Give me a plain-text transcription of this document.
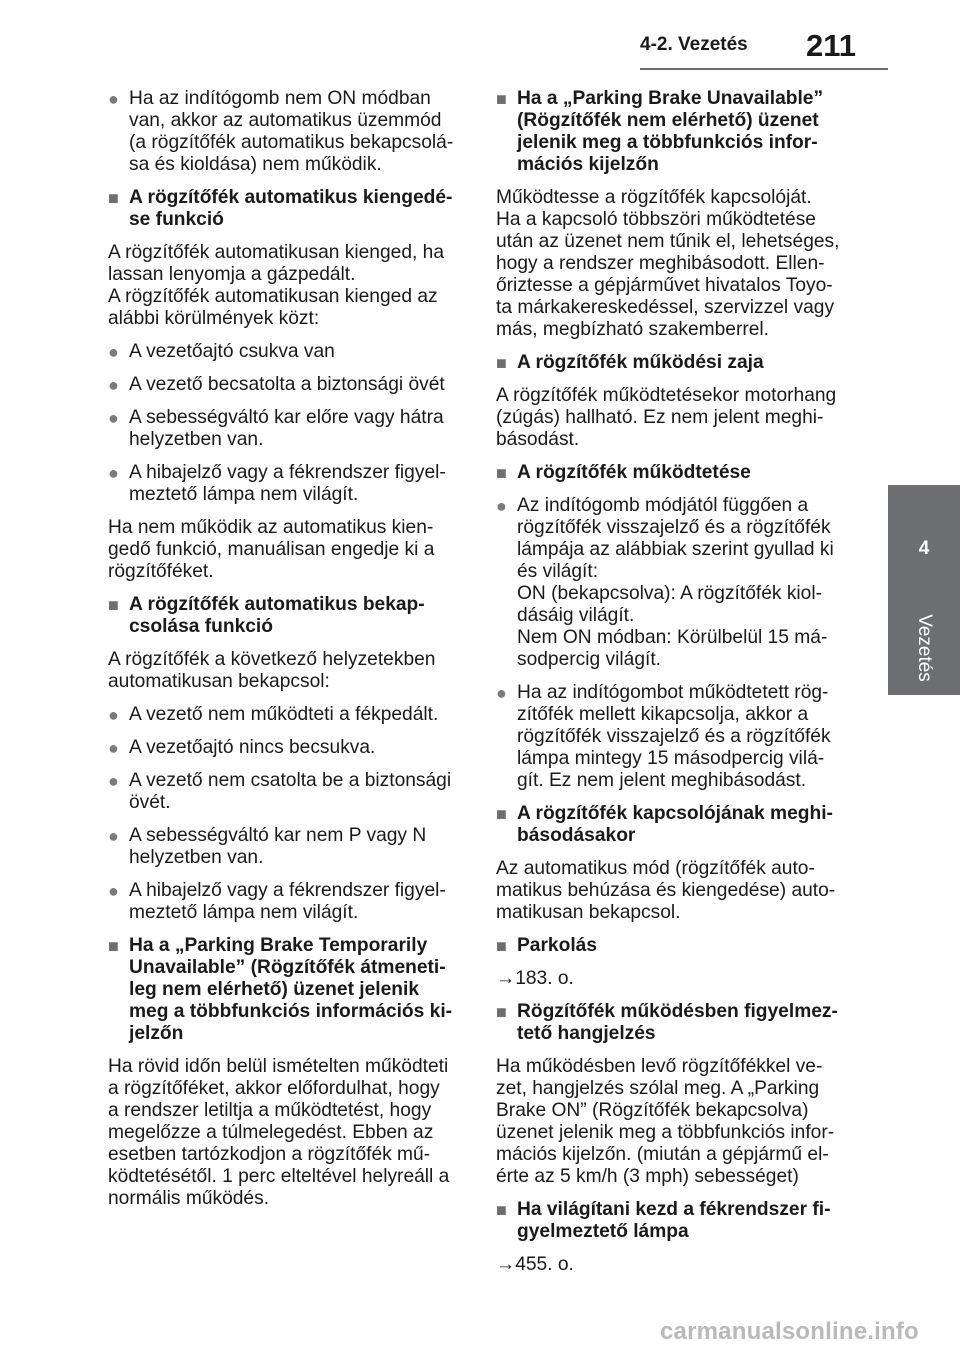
4-2. Vezetés 211
4
Vezetés
● Ha az indítógomb nem ON módban
van, akkor az automatikus üzemmód
(a rögzítőfék automatikus bekapcsolá-
sa és kioldása) nem működik.
■ A rögzítőfék automatikus kiengedé-
se funkció
A rögzítőfék automatikusan kienged, ha
lassan lenyomja a gázpedált.
A rögzítőfék automatikusan kienged az
alábbi körülmények közt:
● A vezetőajtó csukva van
● A vezető becsatolta a biztonsági övét
● A sebességváltó kar előre vagy hátra
helyzetben van.
● A hibajelző vagy a fékrendszer figyel-
meztető lámpa nem világít.
Ha nem működik az automatikus kien-
gedő funkció, manuálisan engedje ki a
rögzítőféket.
■ A rögzítőfék automatikus bekap-
csolása funkció
A rögzítőfék a következő helyzetekben
automatikusan bekapcsol:
● A vezető nem működteti a fékpedált.
● A vezetőajtó nincs becsukva.
● A vezető nem csatolta be a biztonsági
övét.
● A sebességváltó kar nem P vagy N
helyzetben van.
● A hibajelző vagy a fékrendszer figyel-
meztető lámpa nem világít.
■ Ha a „Parking Brake Temporarily
Unavailable” (Rögzítőfék átmeneti-
leg nem elérhető) üzenet jelenik
meg a többfunkciós információs ki-
jelzőn
Ha rövid időn belül ismételten működteti
a rögzítőféket, akkor előfordulhat, hogy
a rendszer letiltja a működtetést, hogy
megelőzze a túlmelegedést. Ebben az
esetben tartózkodjon a rögzítőfék mű-
ködtetésétől. 1 perc elteltével helyreáll a
normális működés.
■ Ha a „Parking Brake Unavailable”
(Rögzítőfék nem elérhető) üzenet
jelenik meg a többfunkciós infor-
mációs kijelzőn
Működtesse a rögzítőfék kapcsolóját.
Ha a kapcsoló többszöri működtetése
után az üzenet nem tűnik el, lehetséges,
hogy a rendszer meghibásodott. Ellen-
őriztesse a gépjárművet hivatalos Toyo-
ta márkakereskedéssel, szervizzel vagy
más, megbízható szakemberrel.
■ A rögzítőfék működési zaja
A rögzítőfék működtetésekor motorhang
(zúgás) hallható. Ez nem jelent meghi-
básodást.
■ A rögzítőfék működtetése
● Az indítógomb módjától függően a
rögzítőfék visszajelző és a rögzítőfék
lámpája az alábbiak szerint gyullad ki
és világít:
ON (bekapcsolva): A rögzítőfék kiol-
dásáig világít.
Nem ON módban: Körülbelül 15 má-
sodpercig világít.
● Ha az indítógombot működtetett rög-
zítőfék mellett kikapcsolja, akkor a
rögzítőfék visszajelző és a rögzítőfék
lámpa mintegy 15 másodpercig vilá-
gít. Ez nem jelent meghibásodást.
■ A rögzítőfék kapcsolójának meghi-
básodásakor
Az automatikus mód (rögzítőfék auto-
matikus behúzása és kiengedése) auto-
matikusan bekapcsol.
■ Parkolás
→183. o.
■ Rögzítőfék működésben figyelmez-
tető hangjelzés
Ha működésben levő rögzítőfékkel ve-
zet, hangjelzés szólal meg. A „Parking
Brake ON” (Rögzítőfék bekapcsolva)
üzenet jelenik meg a többfunkciós infor-
mációs kijelzőn. (miután a gépjármű el-
érte az 5 km/h (3 mph) sebességet)
■ Ha világítani kezd a fékrendszer fi-
gyelmeztető lámpa
→455. o.
carmanualsonline.info
